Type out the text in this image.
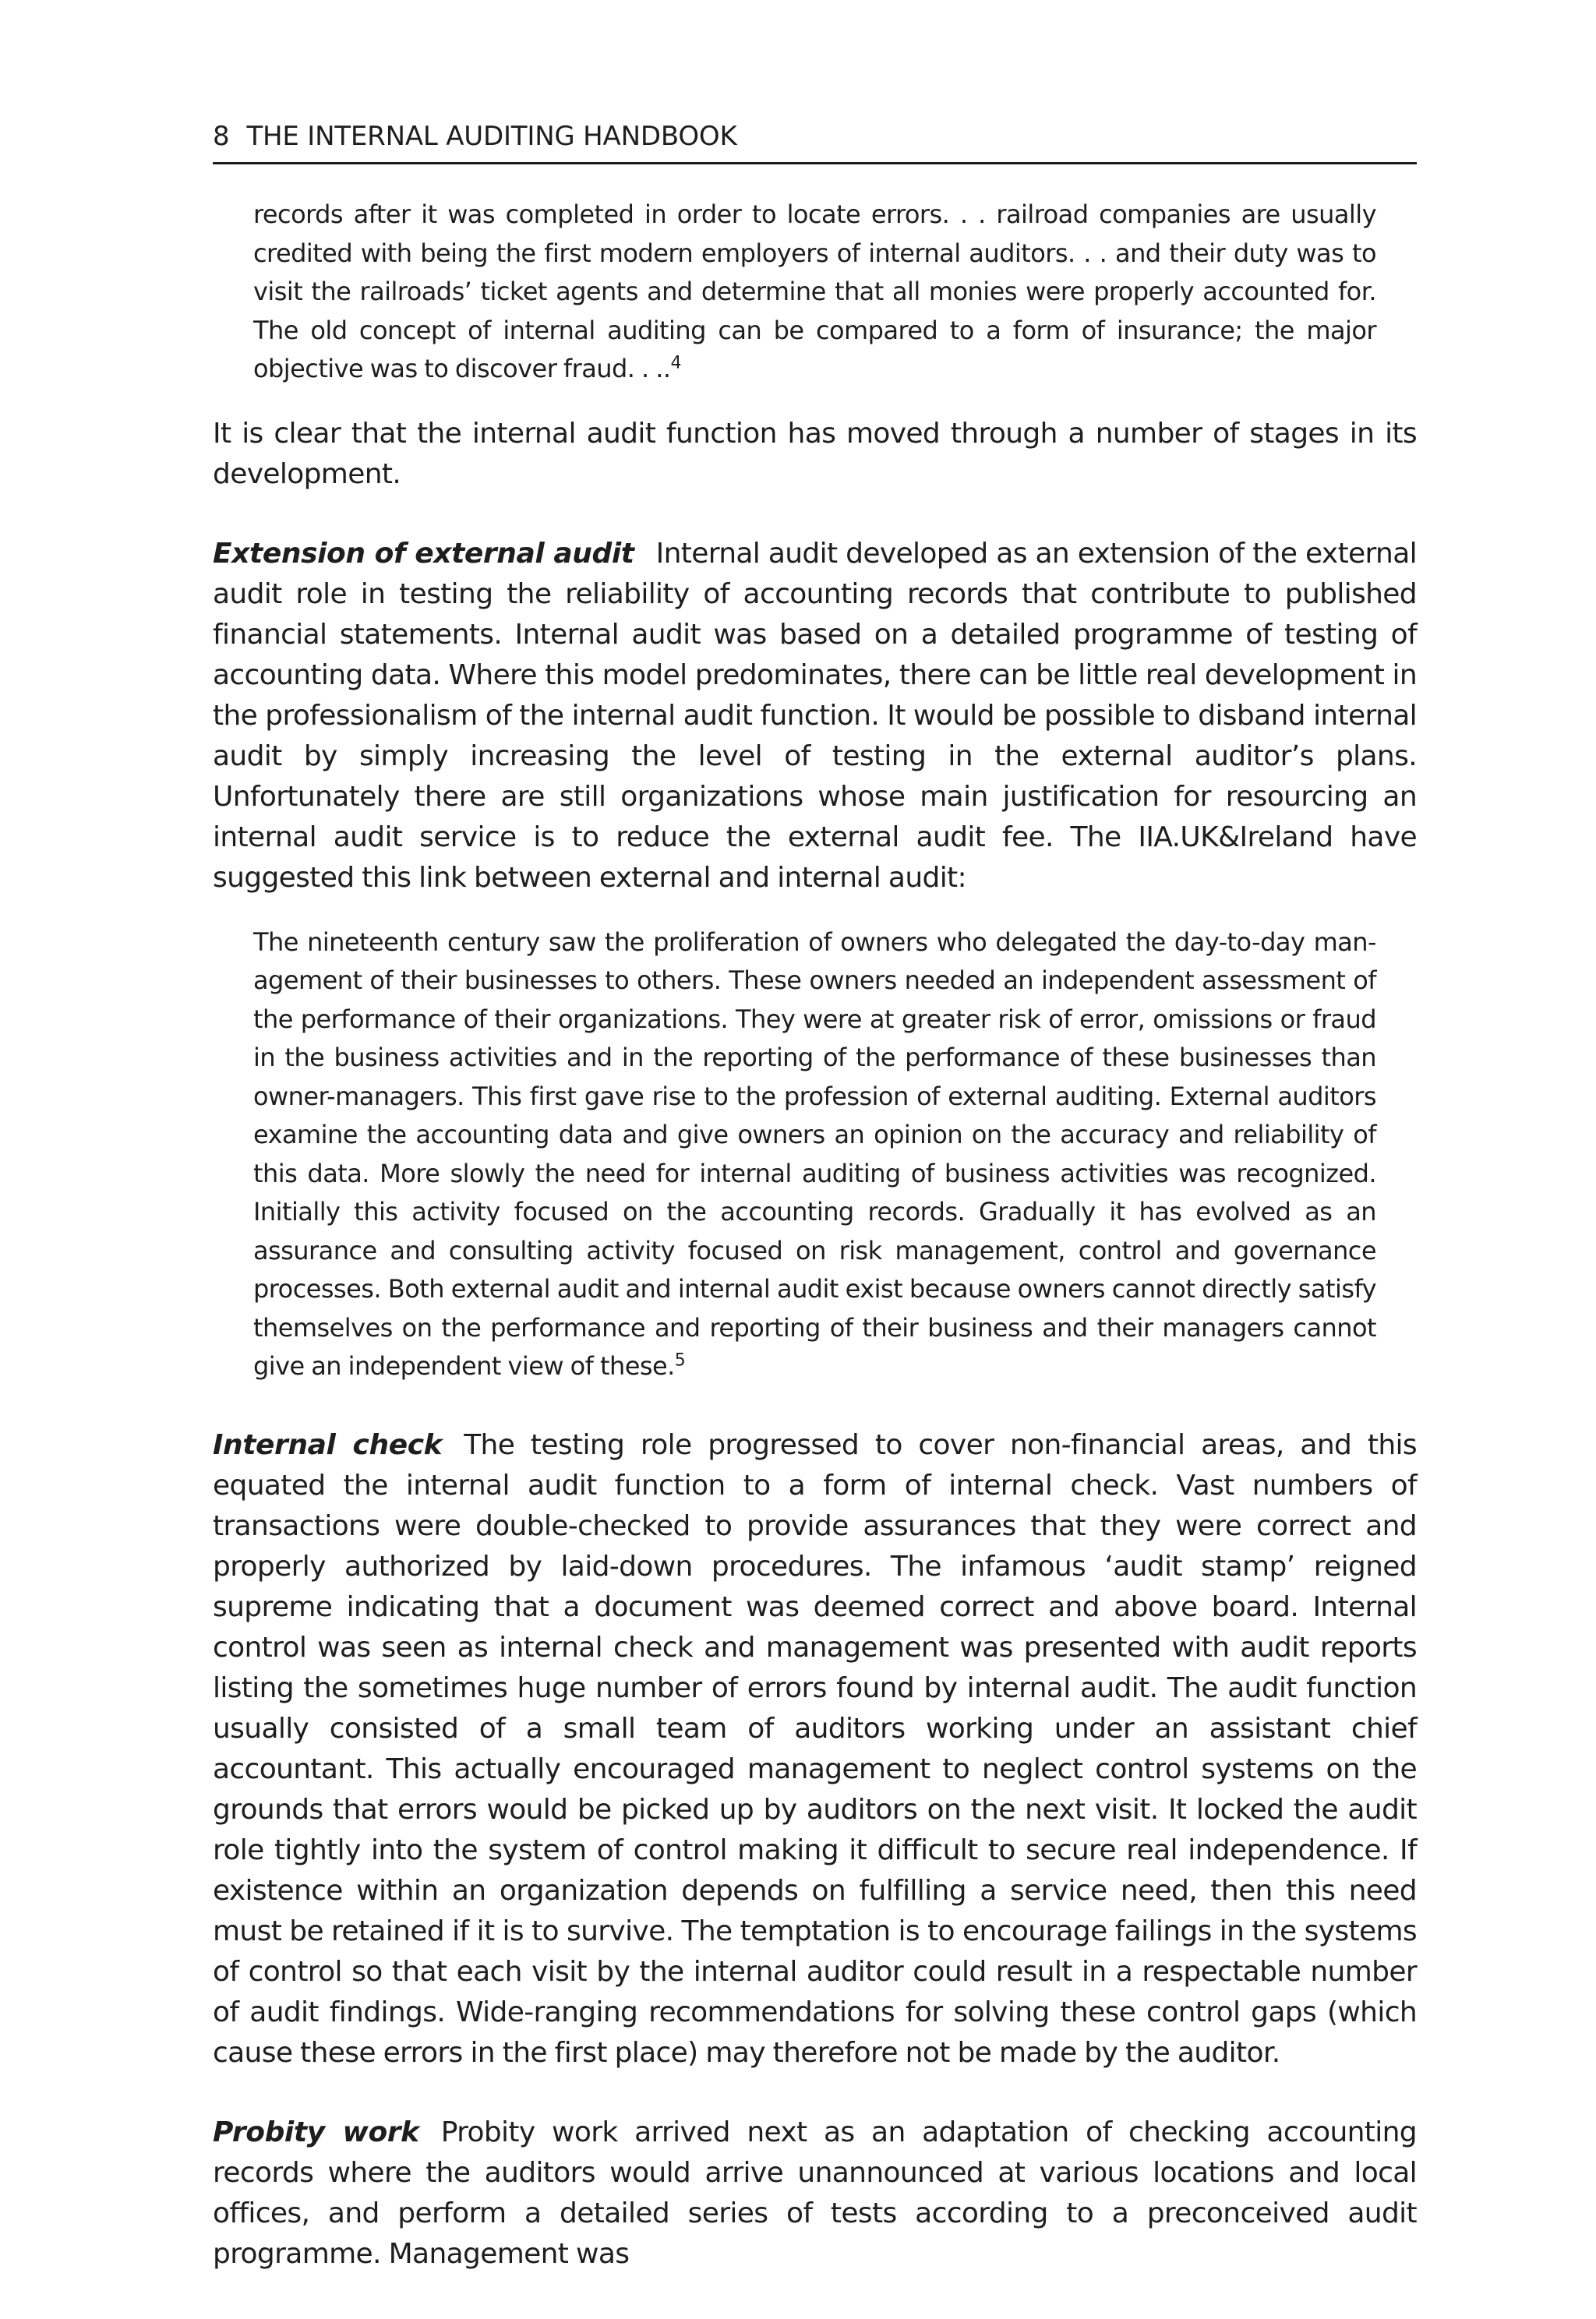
8 THE INTERNAL AUDITING HANDBOOK
records after it was completed in order to locate errors. . . railroad companies are usually credited with being the first modern employers of internal auditors. . . and their duty was to visit the railroads’ ticket agents and determine that all monies were properly accounted for. The old concept of internal auditing can be compared to a form of insurance; the major objective was to discover fraud. . ..$^4$

It is clear that the internal audit function has moved through a number of stages in its development.

Extension of external audit Internal audit developed as an extension of the external audit role in testing the reliability of accounting records that contribute to published financial statements. Internal audit was based on a detailed programme of testing of accounting data. Where this model predominates, there can be little real development in the professionalism of the internal audit function. It would be possible to disband internal audit by simply increasing the level of testing in the external auditor’s plans. Unfortunately there are still organizations whose main justification for resourcing an internal audit service is to reduce the external audit fee. The IIA.UK&Ireland have suggested this link between external and internal audit:

The nineteenth century saw the proliferation of owners who delegated the day-to-day man-agement of their businesses to others. These owners needed an independent assessment of the performance of their organizations. They were at greater risk of error, omissions or fraud in the business activities and in the reporting of the performance of these businesses than owner-managers. This first gave rise to the profession of external auditing. External auditors examine the accounting data and give owners an opinion on the accuracy and reliability of this data. More slowly the need for internal auditing of business activities was recognized. Initially this activity focused on the accounting records. Gradually it has evolved as an assurance and consulting activity focused on risk management, control and governance processes. Both external audit and internal audit exist because owners cannot directly satisfy themselves on the performance and reporting of their business and their managers cannot give an independent view of these.$^5$

Internal check The testing role progressed to cover non-financial areas, and this equated the internal audit function to a form of internal check. Vast numbers of transactions were double-checked to provide assurances that they were correct and properly authorized by laid-down procedures. The infamous ‘audit stamp’ reigned supreme indicating that a document was deemed correct and above board. Internal control was seen as internal check and management was presented with audit reports listing the sometimes huge number of errors found by internal audit. The audit function usually consisted of a small team of auditors working under an assistant chief accountant. This actually encouraged management to neglect control systems on the grounds that errors would be picked up by auditors on the next visit. It locked the audit role tightly into the system of control making it difficult to secure real independence. If existence within an organization depends on fulfilling a service need, then this need must be retained if it is to survive. The temptation is to encourage failings in the systems of control so that each visit by the internal auditor could result in a respectable number of audit findings. Wide-ranging recommendations for solving these control gaps (which cause these errors in the first place) may therefore not be made by the auditor.

Probity work Probity work arrived next as an adaptation of checking accounting records where the auditors would arrive unannounced at various locations and local offices, and perform a detailed series of tests according to a preconceived audit programme. Management was
